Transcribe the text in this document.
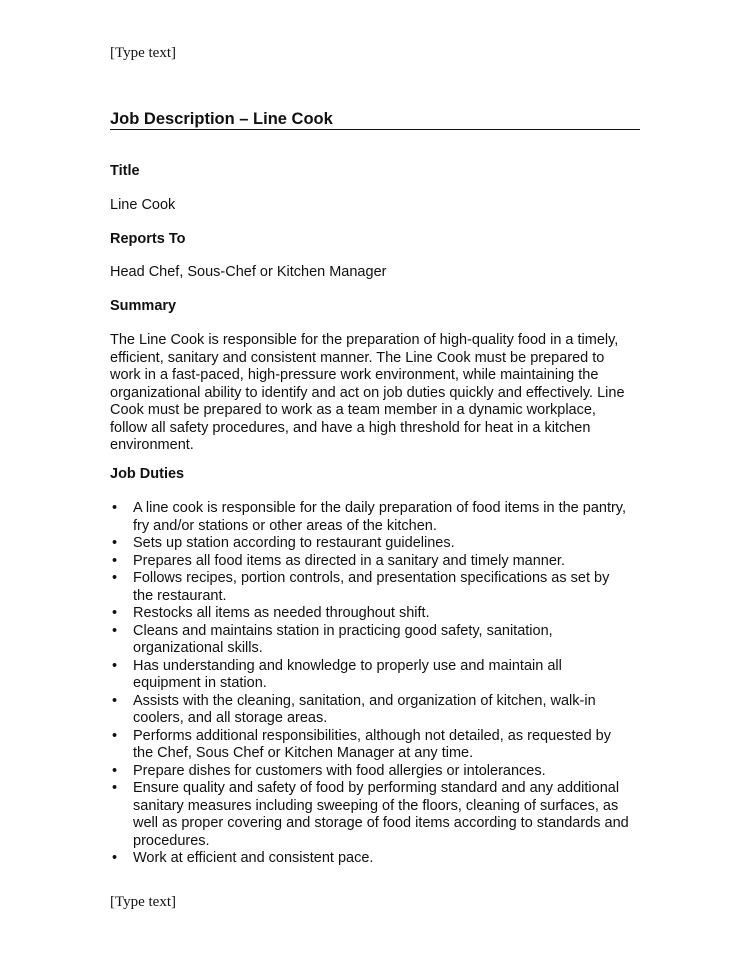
[Type text]
Job Description – Line Cook
Title
Line Cook
Reports To
Head Chef, Sous-Chef or Kitchen Manager
Summary
The Line Cook is responsible for the preparation of high-quality food in a timely,
efficient, sanitary and consistent manner. The Line Cook must be prepared to
work in a fast-paced, high-pressure work environment, while maintaining the
organizational ability to identify and act on job duties quickly and effectively. Line
Cook must be prepared to work as a team member in a dynamic workplace,
follow all safety procedures, and have a high threshold for heat in a kitchen
environment.
Job Duties
• A line cook is responsible for the daily preparation of food items in the pantry,
fry and/or stations or other areas of the kitchen.
• Sets up station according to restaurant guidelines.
• Prepares all food items as directed in a sanitary and timely manner.
• Follows recipes, portion controls, and presentation specifications as set by
the restaurant.
• Restocks all items as needed throughout shift.
• Cleans and maintains station in practicing good safety, sanitation,
organizational skills.
• Has understanding and knowledge to properly use and maintain all
equipment in station.
• Assists with the cleaning, sanitation, and organization of kitchen, walk-in
coolers, and all storage areas.
• Performs additional responsibilities, although not detailed, as requested by
the Chef, Sous Chef or Kitchen Manager at any time.
• Prepare dishes for customers with food allergies or intolerances.
• Ensure quality and safety of food by performing standard and any additional
sanitary measures including sweeping of the floors, cleaning of surfaces, as
well as proper covering and storage of food items according to standards and
procedures.
• Work at efficient and consistent pace.
[Type text]
